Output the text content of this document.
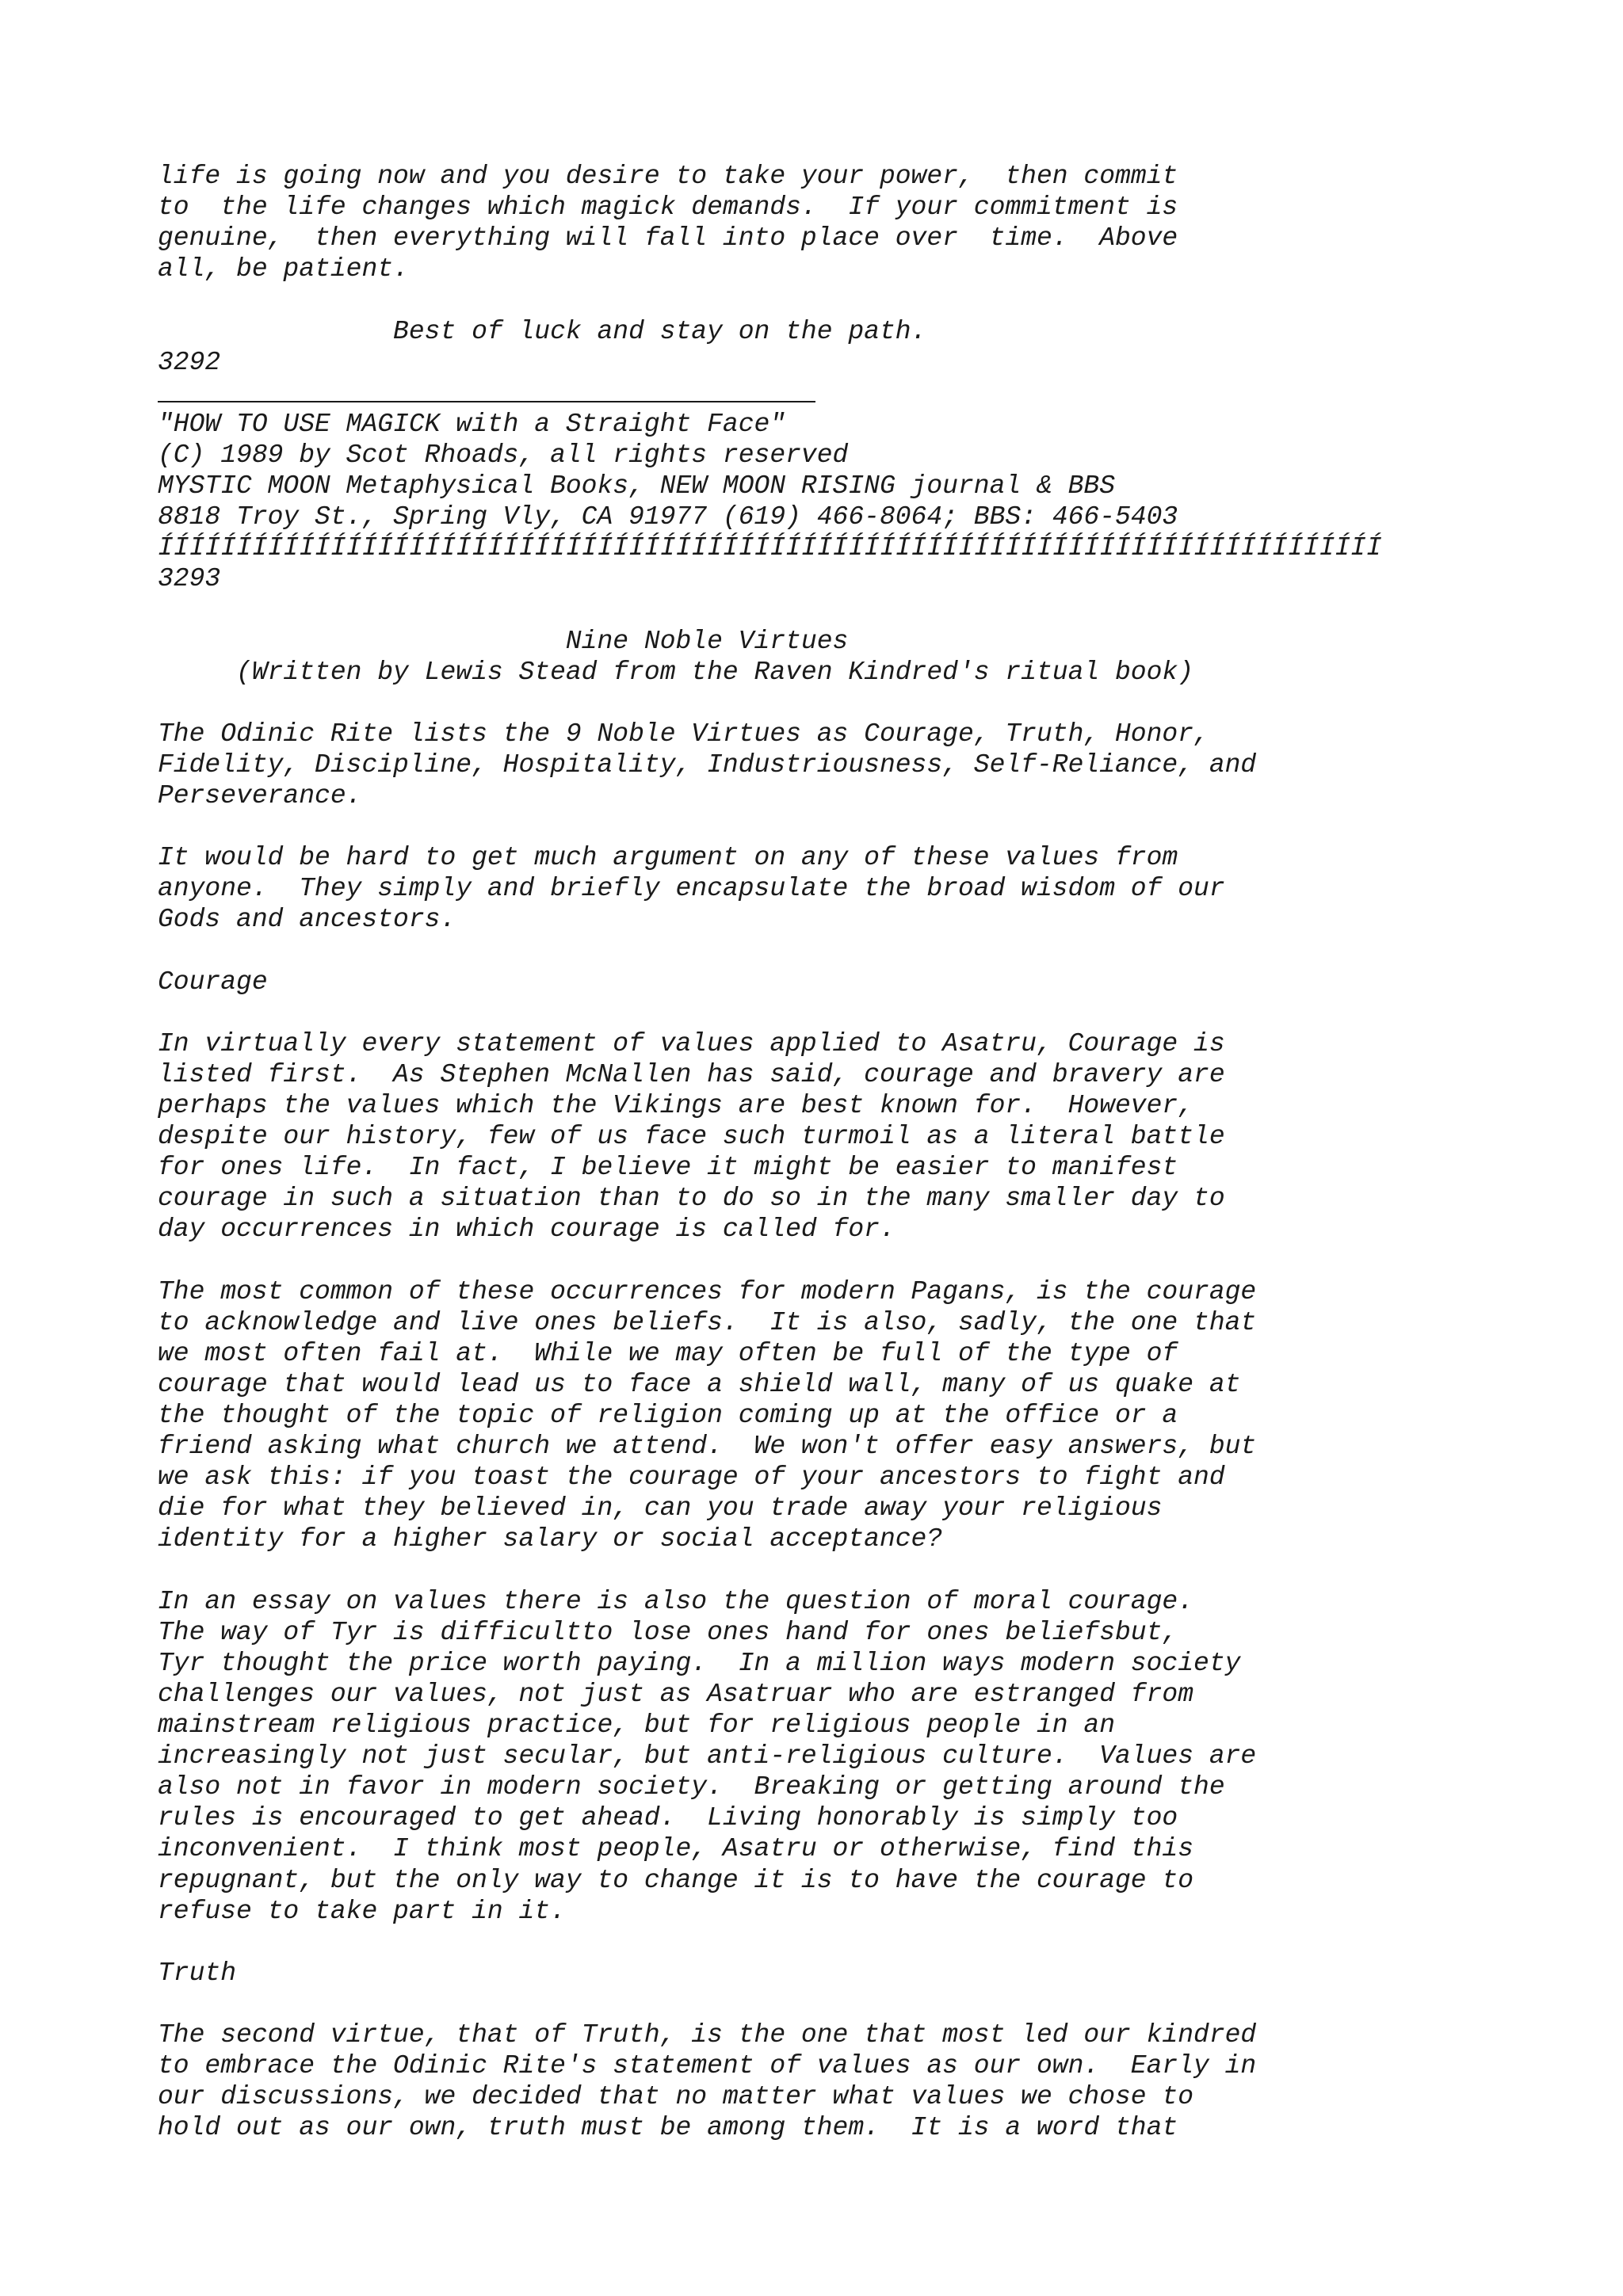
life is going now and you desire to take your power,  then commit
to  the life changes which magick demands.  If your commitment is
genuine,  then everything will fall into place over  time.  Above
all, be patient.
Best of luck and stay on the path.
3292
"HOW TO USE MAGICK with a Straight Face"
(C) 1989 by Scot Rhoads, all rights reserved
MYSTIC MOON Metaphysical Books, NEW MOON RISING journal & BBS
8818 Troy St., Spring Vly, CA 91977 (619) 466-8064; BBS: 466-5403
ÍÍÍÍÍÍÍÍÍÍÍÍÍÍÍÍÍÍÍÍÍÍÍÍÍÍÍÍÍÍÍÍÍÍÍÍÍÍÍÍÍÍÍÍÍÍÍÍÍÍÍÍÍÍÍÍÍÍÍÍÍÍÍÍÍÍÍÍÍÍÍÍÍÍÍÍÍÍ
3293
Nine Noble Virtues
(Written by Lewis Stead from the Raven Kindred's ritual book)
The Odinic Rite lists the 9 Noble Virtues as Courage, Truth, Honor,
Fidelity, Discipline, Hospitality, Industriousness, Self-Reliance, and
Perseverance.
It would be hard to get much argument on any of these values from
anyone.  They simply and briefly encapsulate the broad wisdom of our
Gods and ancestors.
Courage
In virtually every statement of values applied to Asatru, Courage is
listed first.  As Stephen McNallen has said, courage and bravery are
perhaps the values which the Vikings are best known for.  However,
despite our history, few of us face such turmoil as a literal battle
for ones life.  In fact, I believe it might be easier to manifest
courage in such a situation than to do so in the many smaller day to
day occurrences in which courage is called for.
The most common of these occurrences for modern Pagans, is the courage
to acknowledge and live ones beliefs.  It is also, sadly, the one that
we most often fail at.  While we may often be full of the type of
courage that would lead us to face a shield wall, many of us quake at
the thought of the topic of religion coming up at the office or a
friend asking what church we attend.  We won't offer easy answers, but
we ask this: if you toast the courage of your ancestors to fight and
die for what they believed in, can you trade away your religious
identity for a higher salary or social acceptance?
In an essay on values there is also the question of moral courage.
The way of Tyr is difficultto lose ones hand for ones beliefsbut,
Tyr thought the price worth paying.  In a million ways modern society
challenges our values, not just as Asatruar who are estranged from
mainstream religious practice, but for religious people in an
increasingly not just secular, but anti-religious culture.  Values are
also not in favor in modern society.  Breaking or getting around the
rules is encouraged to get ahead.  Living honorably is simply too
inconvenient.  I think most people, Asatru or otherwise, find this
repugnant, but the only way to change it is to have the courage to
refuse to take part in it.
Truth
The second virtue, that of Truth, is the one that most led our kindred
to embrace the Odinic Rite's statement of values as our own.  Early in
our discussions, we decided that no matter what values we chose to
hold out as our own, truth must be among them.  It is a word that
